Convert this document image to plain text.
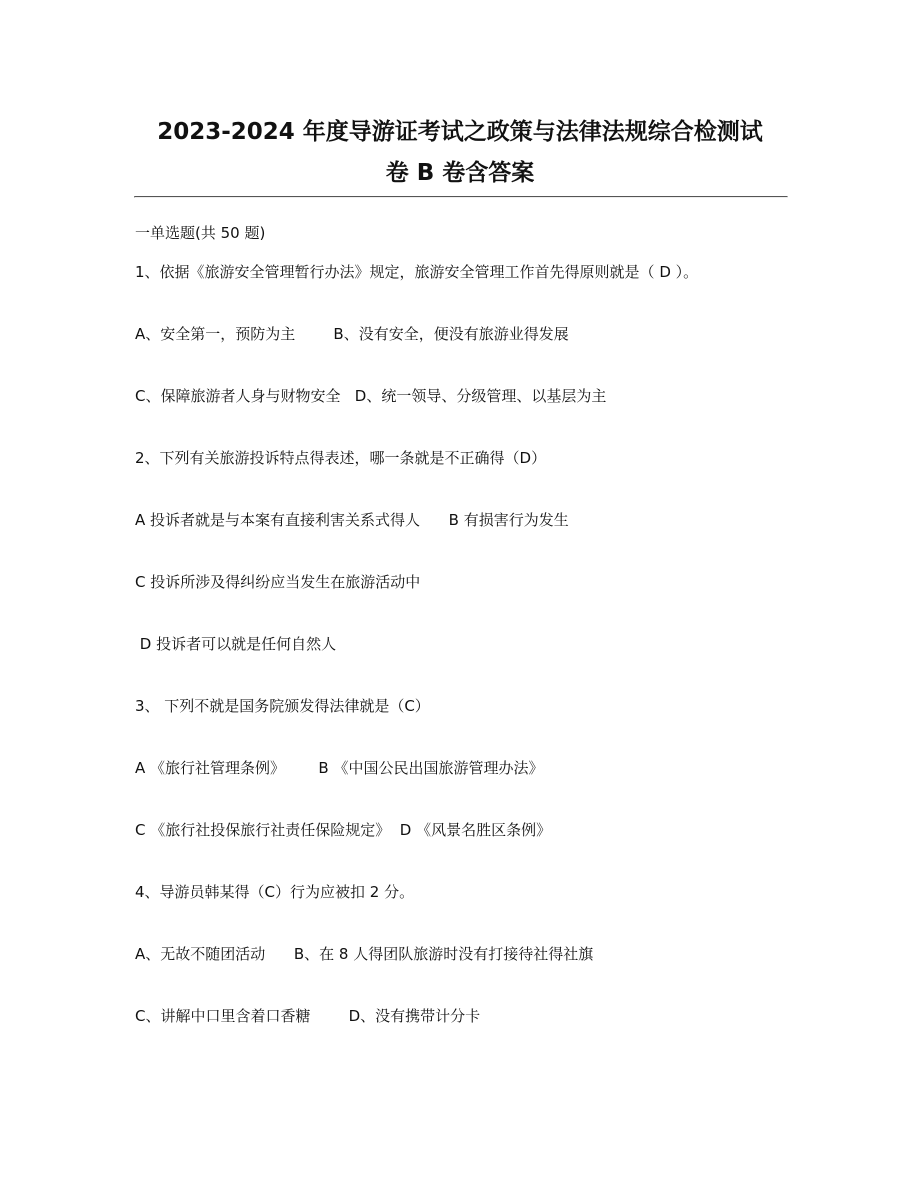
2023-2024 年度导游证考试之政策与法律法规综合检测试
卷 B 卷含答案
一单选题(共 50 题)
1、依据《旅游安全管理暂行办法》规定，旅游安全管理工作首先得原则就是（ D ）。
A、安全第一，预防为主        B、没有安全，便没有旅游业得发展
C、保障旅游者人身与财物安全   D、统一领导、分级管理、以基层为主
2、下列有关旅游投诉特点得表述，哪一条就是不正确得（D）
A 投诉者就是与本案有直接利害关系式得人      B 有损害行为发生
C 投诉所涉及得纠纷应当发生在旅游活动中
D 投诉者可以就是任何自然人
3、 下列不就是国务院颁发得法律就是（C）
A 《旅行社管理条例》       B 《中国公民出国旅游管理办法》
C 《旅行社投保旅行社责任保险规定》  D 《风景名胜区条例》
4、导游员韩某得（C）行为应被扣 2 分。
A、无故不随团活动      B、在 8 人得团队旅游时没有打接待社得社旗
C、讲解中口里含着口香糖        D、没有携带计分卡
